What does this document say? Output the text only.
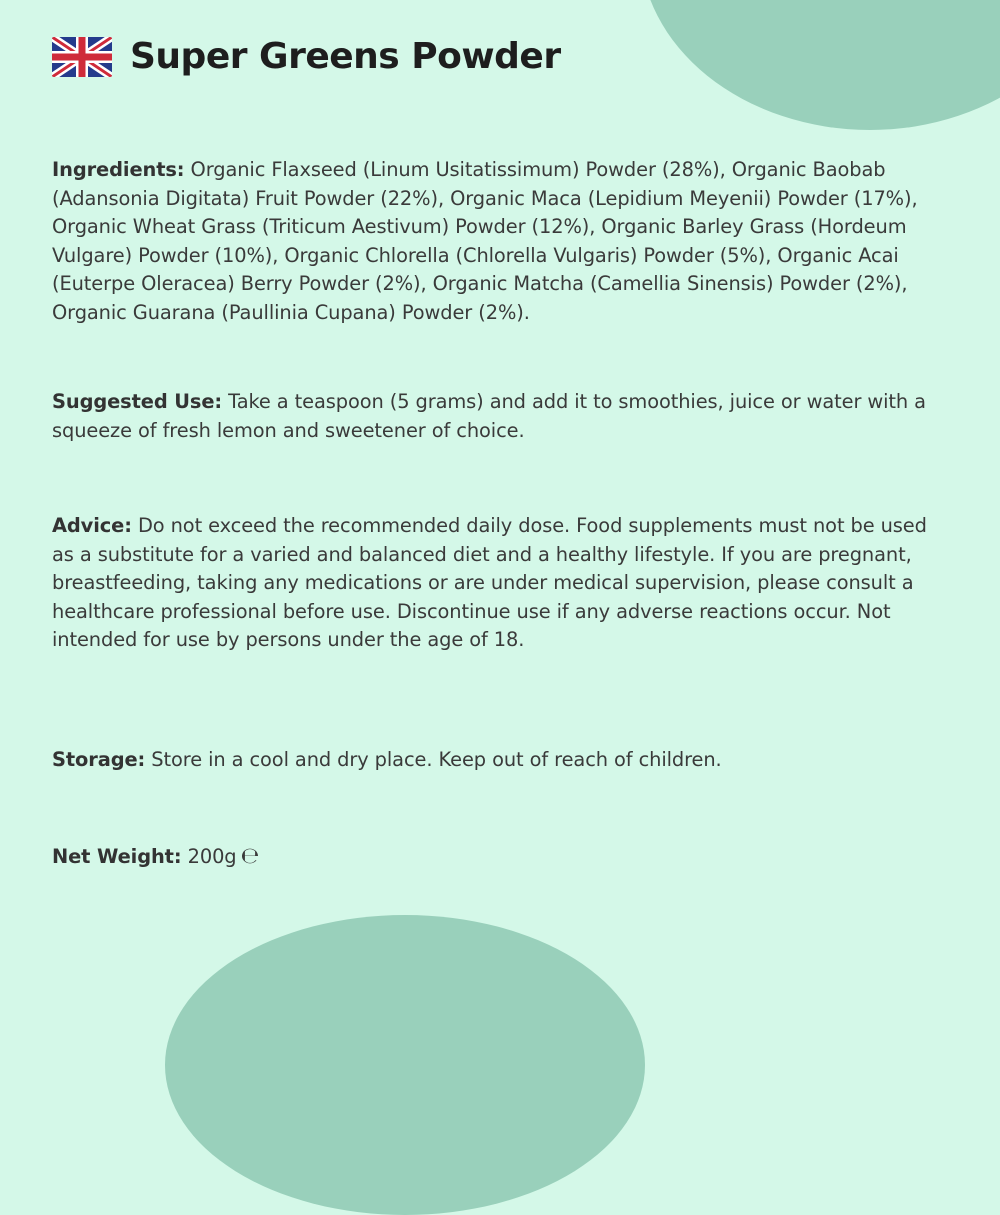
Super Greens Powder
Ingredients: Organic Flaxseed (Linum Usitatissimum) Powder (28%), Organic Baobab (Adansonia Digitata) Fruit Powder (22%), Organic Maca (Lepidium Meyenii) Powder (17%), Organic Wheat Grass (Triticum Aestivum) Powder (12%), Organic Barley Grass (Hordeum Vulgare) Powder (10%), Organic Chlorella (Chlorella Vulgaris) Powder (5%), Organic Acai (Euterpe Oleracea) Berry Powder (2%), Organic Matcha (Camellia Sinensis) Powder (2%), Organic Guarana (Paullinia Cupana) Powder (2%).
Suggested Use: Take a teaspoon (5 grams) and add it to smoothies, juice or water with a squeeze of fresh lemon and sweetener of choice.
Advice: Do not exceed the recommended daily dose. Food supplements must not be used as a substitute for a varied and balanced diet and a healthy lifestyle. If you are pregnant, breastfeeding, taking any medications or are under medical supervision, please consult a healthcare professional before use. Discontinue use if any adverse reactions occur. Not intended for use by persons under the age of 18.
Storage: Store in a cool and dry place. Keep out of reach of children.
Net Weight: 200g ℮
